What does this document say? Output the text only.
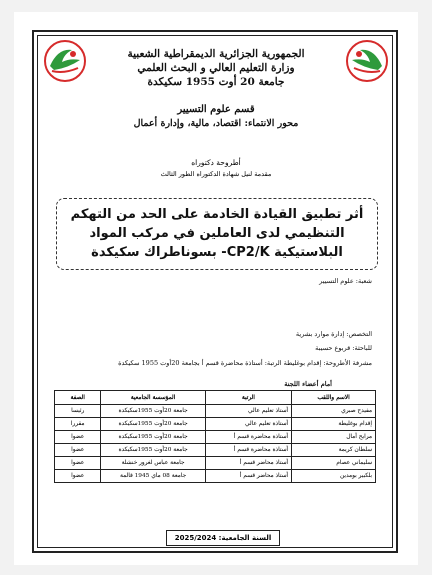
الجمهورية الجزائرية الديمقراطية الشعبية
وزارة التعليم العالي و البحث العلمي
جامعة 20 أوت 1955 سكيكدة
قسم علوم التسيير
محور الانتماء: اقتصاد، مالية، وإدارة أعمال
أطروحة دكتوراه
مقدمة لنيل شهادة الدكتوراه الطور الثالث
أثر تطبيق القيادة الخادمة على الحد من التهكم
التنظيمي لدى العاملين في مركب المواد
البلاستيكية CP2/K- بسوناطراك سكيكدة
شعبة: علوم التسيير
التخصص: إدارة موارد بشرية
للباحثة: قربوع حسيبة
مشرفة الأطروحة: إقدام بوغليطة الرتبة: أستاذة محاضرة قسم أ بجامعة 20أوت 1955 سكيكدة
أمام أعضاء اللجنة
الاسم واللقب	الرتبة	المؤسسة الجامعية	الصفة
مفيدح صبري	أستاذ تعليم عالي	جامعة 20أوت 1955سكيكدة	رئيسا
إقدام بوغليطة	أستاذة تعليم عالي	جامعة 20أوت 1955سكيكدة	مقررا
مرابح أمال	أستاذة محاضرة قسم أ	جامعة 20أوت 1955سكيكدة	عضوا
سلطان كريمة	أستاذة محاضرة قسم أ	جامعة 20أوت 1955سكيكدة	عضوا
سليماني عصام	أستاذ محاضر قسم أ	جامعة عباس لغرور خنشلة	عضوا
بلكبير بومدين	أستاذ محاضر قسم أ	جامعة 08 ماي 1945 قالمة	عضوا
السنة الجامعية: 2025/2024
